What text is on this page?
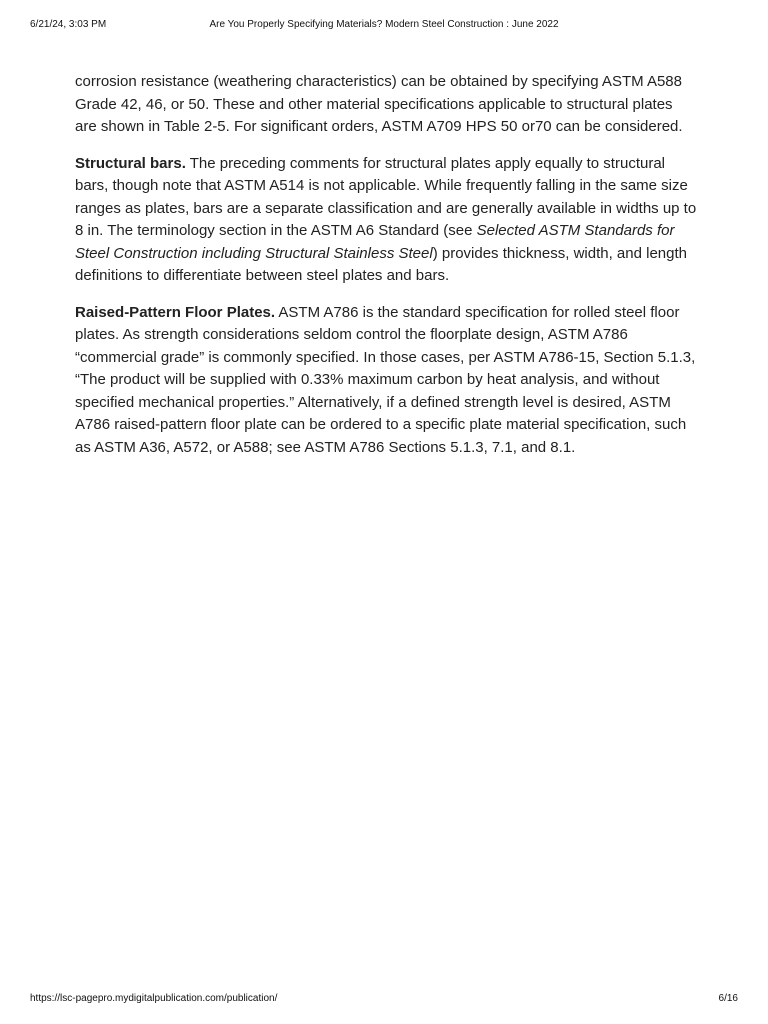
Are You Properly Specifying Materials? Modern Steel Construction : June 2022
6/21/24, 3:03 PM

corrosion resistance (weathering characteristics) can be obtained by specifying ASTM A588 Grade 42, 46, or 50. These and other material specifications applicable to structural plates are shown in Table 2-5. For significant orders, ASTM A709 HPS 50 or70 can be considered.

Structural bars. The preceding comments for structural plates apply equally to structural bars, though note that ASTM A514 is not applicable. While frequently falling in the same size ranges as plates, bars are a separate classification and are generally available in widths up to 8 in. The terminology section in the ASTM A6 Standard (see Selected ASTM Standards for Steel Construction including Structural Stainless Steel) provides thickness, width, and length definitions to differentiate between steel plates and bars.

Raised-Pattern Floor Plates. ASTM A786 is the standard specification for rolled steel floor plates. As strength considerations seldom control the floorplate design, ASTM A786 “commercial grade” is commonly specified. In those cases, per ASTM A786-15, Section 5.1.3, “The product will be supplied with 0.33% maximum carbon by heat analysis, and without specified mechanical properties.” Alternatively, if a defined strength level is desired, ASTM A786 raised-pattern floor plate can be ordered to a specific plate material specification, such as ASTM A36, A572, or A588; see ASTM A786 Sections 5.1.3, 7.1, and 8.1.

https://lsc-pagepro.mydigitalpublication.com/publication/	6/16
